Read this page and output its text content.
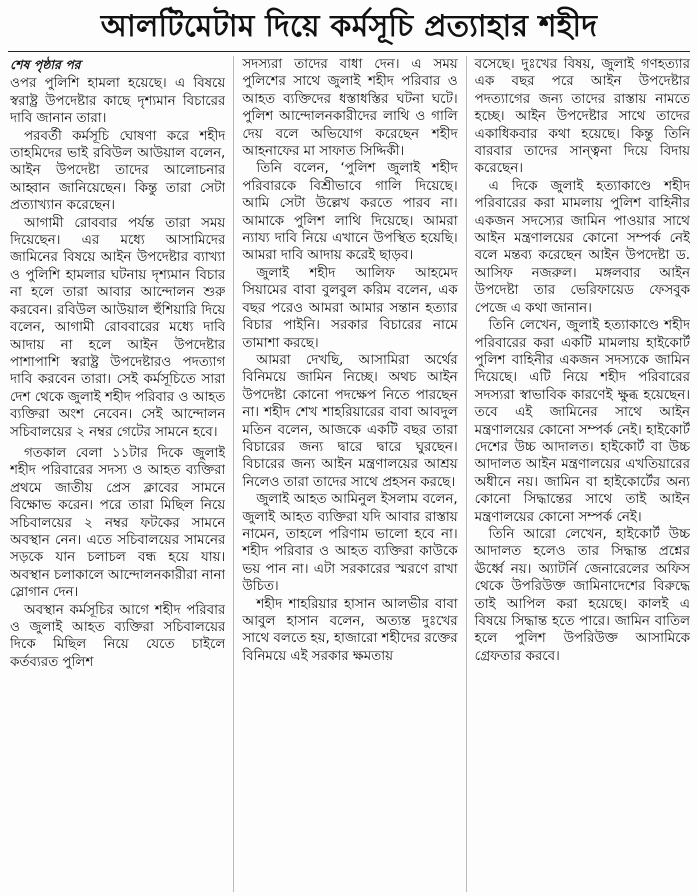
আলটিমেটাম দিয়ে কর্মসূচি প্রত্যাহার শহীদ
শেষ পৃষ্ঠার পর

ওপর পুলিশি হামলা হয়েছে। এ বিষয়ে স্বরাষ্ট্র উপদেষ্টার কাছে দৃশ্যমান বিচারের দাবি জানান তারা।

পরবর্তী কর্মসূচি ঘোষণা করে শহীদ তাহমিদের ভাই রবিউল আউয়াল বলেন, আইন উপদেষ্টা তাদের আলোচনার আহ্বান জানিয়েছেন। কিন্তু তারা সেটা প্রত্যাখ্যান করেছেন।

আগামী রোববার পর্যন্ত তারা সময় দিয়েছেন। এর মধ্যে আসামিদের জামিনের বিষয়ে আইন উপদেষ্টার ব্যাখ্যা ও পুলিশি হামলার ঘটনায় দৃশ্যমান বিচার না হলে তারা আবার আন্দোলন শুরু করবেন। রবিউল আউয়াল হুঁশিয়ারি দিয়ে বলেন, আগামী রোববারের মধ্যে দাবি আদায় না হলে আইন উপদেষ্টার পাশাপাশি স্বরাষ্ট্র উপদেষ্টারও পদত্যাগ দাবি করবেন তারা। সেই কর্মসূচিতে সারা দেশ থেকে জুলাই শহীদ পরিবার ও আহত ব্যক্তিরা অংশ নেবেন। সেই আন্দোলন সচিবালয়ের ২ নম্বর গেটের সামনে হবে।

গতকাল বেলা ১১টার দিকে জুলাই শহীদ পরিবারের সদস্য ও আহত ব্যক্তিরা প্রথমে জাতীয় প্রেস ক্লাবের সামনে বিক্ষোভ করেন। পরে তারা মিছিল নিয়ে সচিবালয়ের ২ নম্বর ফটকের সামনে অবস্থান নেন। এতে সচিবালয়ের সামনের সড়কে যান চলাচল বন্ধ হয়ে যায়। অবস্থান চলাকালে আন্দোলনকারীরা নানা স্লোগান দেন।

অবস্থান কর্মসূচির আগে শহীদ পরিবার ও জুলাই আহত ব্যক্তিরা সচিবালয়ের দিকে মিছিল নিয়ে যেতে চাইলে কর্তব্যরত পুলিশ

সদস্যরা তাদের বাধা দেন। এ সময় পুলিশের সাথে জুলাই শহীদ পরিবার ও আহত ব্যক্তিদের ধস্তাধস্তির ঘটনা ঘটে। পুলিশ আন্দোলনকারীদের লাথি ও গালি দেয় বলে অভিযোগ করেছেন শহীদ আহনাফের মা সাফাত সিদ্দিকী।

তিনি বলেন, ‘পুলিশ জুলাই শহীদ পরিবারকে বিশ্রীভাবে গালি দিয়েছে। আমি সেটা উল্লেখ করতে পারব না। আমাকে পুলিশ লাথি দিয়েছে। আমরা ন্যায্য দাবি নিয়ে এখানে উপস্থিত হয়েছি। আমরা দাবি আদায় করেই ছাড়ব।

জুলাই শহীদ আলিফ আহমেদ সিয়ামের বাবা বুলবুল করিম বলেন, এক বছর পরেও আমরা আমার সন্তান হত্যার বিচার পাইনি। সরকার বিচারের নামে তামাশা করছে।

আমরা দেখছি, আসামিরা অর্থের বিনিময়ে জামিন নিচ্ছে। অথচ আইন উপদেষ্টা কোনো পদক্ষেপ নিতে পারছেন না। শহীদ শেখ শাহরিয়ারের বাবা আবদুল মতিন বলেন, আজকে একটি বছর তারা বিচারের জন্য দ্বারে দ্বারে ঘুরছেন। বিচারের জন্য আইন মন্ত্রণালয়ের আশ্রয় নিলেও তারা তাদের সাথে প্রহসন করছে।

জুলাই আহত আমিনুল ইসলাম বলেন, জুলাই আহত ব্যক্তিরা যদি আবার রাস্তায় নামেন, তাহলে পরিণাম ভালো হবে না। শহীদ পরিবার ও আহত ব্যক্তিরা কাউকে ভয় পান না। এটা সরকারের স্মরণে রাখা উচিত।

শহীদ শাহরিয়ার হাসান আলভীর বাবা আবুল হাসান বলেন, অত্যন্ত দুঃখের সাথে বলতে হয়, হাজারো শহীদের রক্তের বিনিময়ে এই সরকার ক্ষমতায়

বসেছে। দুঃখের বিষয়, জুলাই গণহত্যার এক বছর পরে আইন উপদেষ্টার পদত্যাগের জন্য তাদের রাস্তায় নামতে হচ্ছে। আইন উপদেষ্টার সাথে তাদের একাধিকবার কথা হয়েছে। কিন্তু তিনি বারবার তাদের সান্ত্বনা দিয়ে বিদায় করেছেন।

এ দিকে জুলাই হত্যাকাণ্ডে শহীদ পরিবারের করা মামলায় পুলিশ বাহিনীর একজন সদস্যের জামিন পাওয়ার সাথে আইন মন্ত্রণালয়ের কোনো সম্পর্ক নেই বলে মন্তব্য করেছেন আইন উপদেষ্টা ড. আসিফ নজরুল। মঙ্গলবার আইন উপদেষ্টা তার ভেরিফায়েড ফেসবুক পেজে এ কথা জানান।

তিনি লেখেন, জুলাই হত্যাকাণ্ডে শহীদ পরিবারের করা একটি মামলায় হাইকোর্ট পুলিশ বাহিনীর একজন সদস্যকে জামিন দিয়েছে। এটি নিয়ে শহীদ পরিবারের সদস্যরা স্বাভাবিক কারণেই ক্ষুব্ধ হয়েছেন। তবে এই জামিনের সাথে আইন মন্ত্রণালয়ের কোনো সম্পর্ক নেই। হাইকোর্ট দেশের উচ্চ আদালত। হাইকোর্ট বা উচ্চ আদালত আইন মন্ত্রণালয়ের এখতিয়ারের অধীনে নয়। জামিন বা হাইকোর্টের অন্য কোনো সিদ্ধান্তের সাথে তাই আইন মন্ত্রণালয়ের কোনো সম্পর্ক নেই।

তিনি আরো লেখেন, হাইকোর্ট উচ্চ আদালত হলেও তার সিদ্ধান্ত প্রশ্নের ঊর্ধ্বে নয়। অ্যাটর্নি জেনারেলের অফিস থেকে উপরিউক্ত জামিনাদেশের বিরুদ্ধে তাই আপিল করা হয়েছে। কালই এ বিষয়ে সিদ্ধান্ত হতে পারে। জামিন বাতিল হলে পুলিশ উপরিউক্ত আসামিকে গ্রেফতার করবে।
